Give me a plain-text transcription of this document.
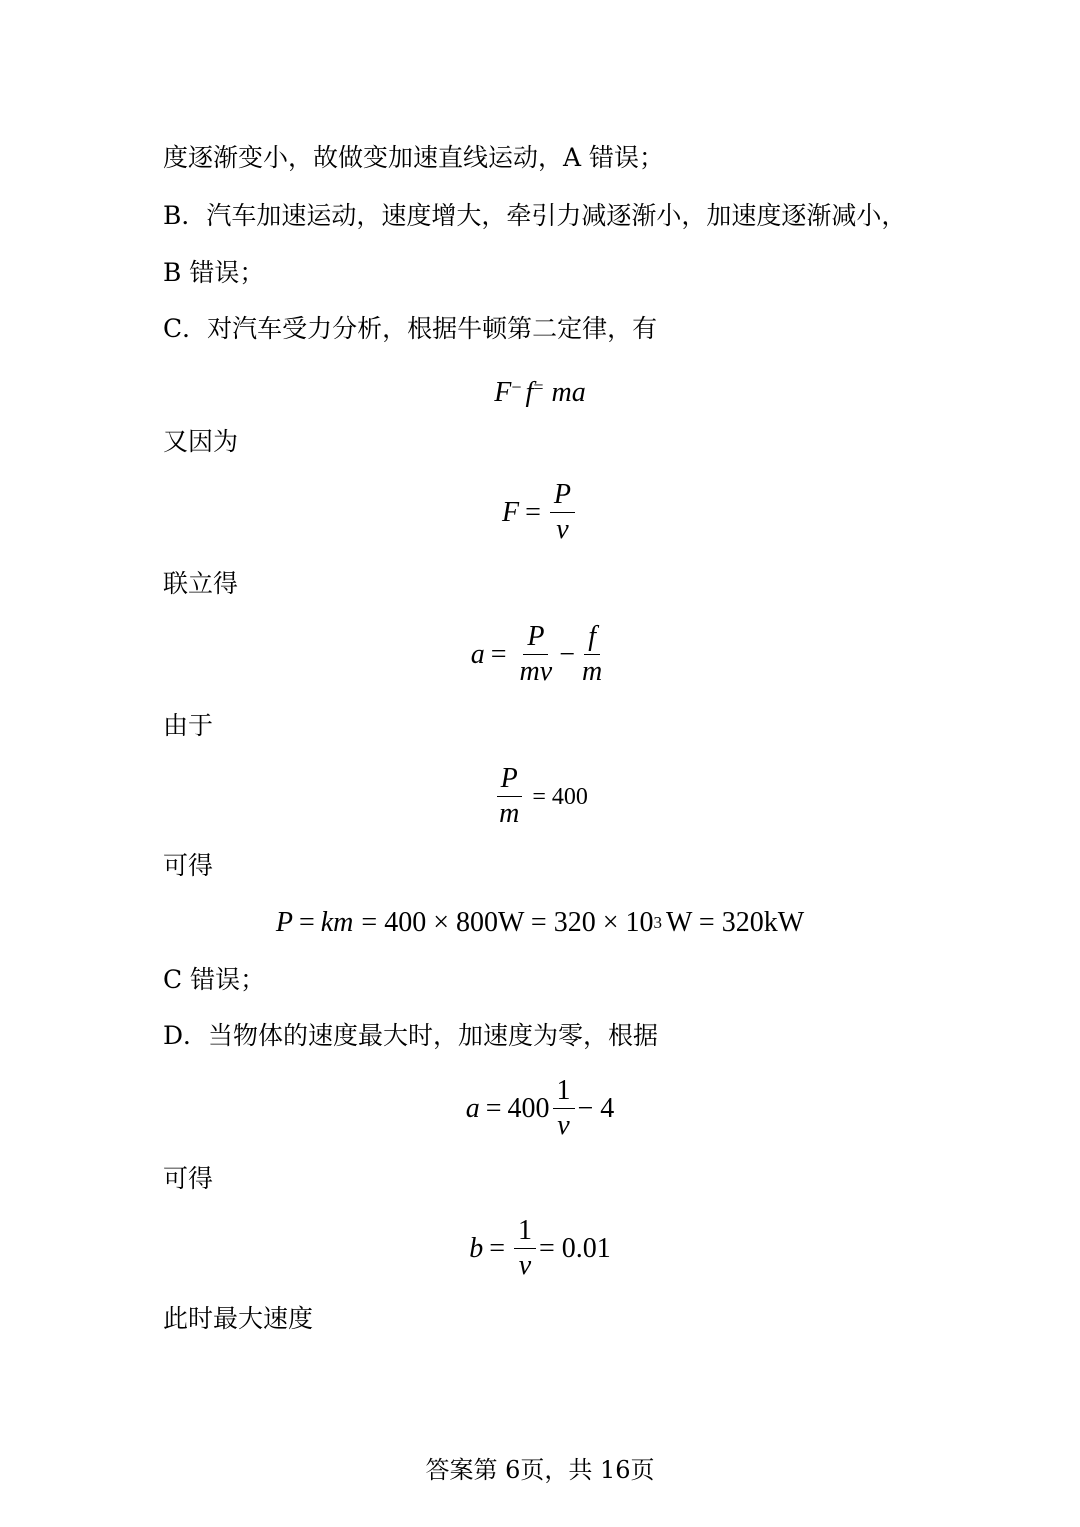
度逐渐变小，故做变加速直线运动，A 错误；
B．汽车加速运动，速度增大，牵引力减逐渐小，加速度逐渐减小，
B 错误；
C．对汽车受力分析，根据牛顿第二定律，有
F − f = ma
又因为
$F = \frac{P}{v}$
联立得
$a = \frac{P}{mv} - \frac{f}{m}$
由于
$\frac{P}{m} = 400$
可得
P = km = 400 × 800W = 320 × 10 3 W = 320kW
C 错误；
D．当物体的速度最大时，加速度为零，根据
$a = 400 \frac{1}{v} - 4$
可得
$b = \frac{1}{v} = 0.01$
此时最大速度
答案第 6页，共 16页
